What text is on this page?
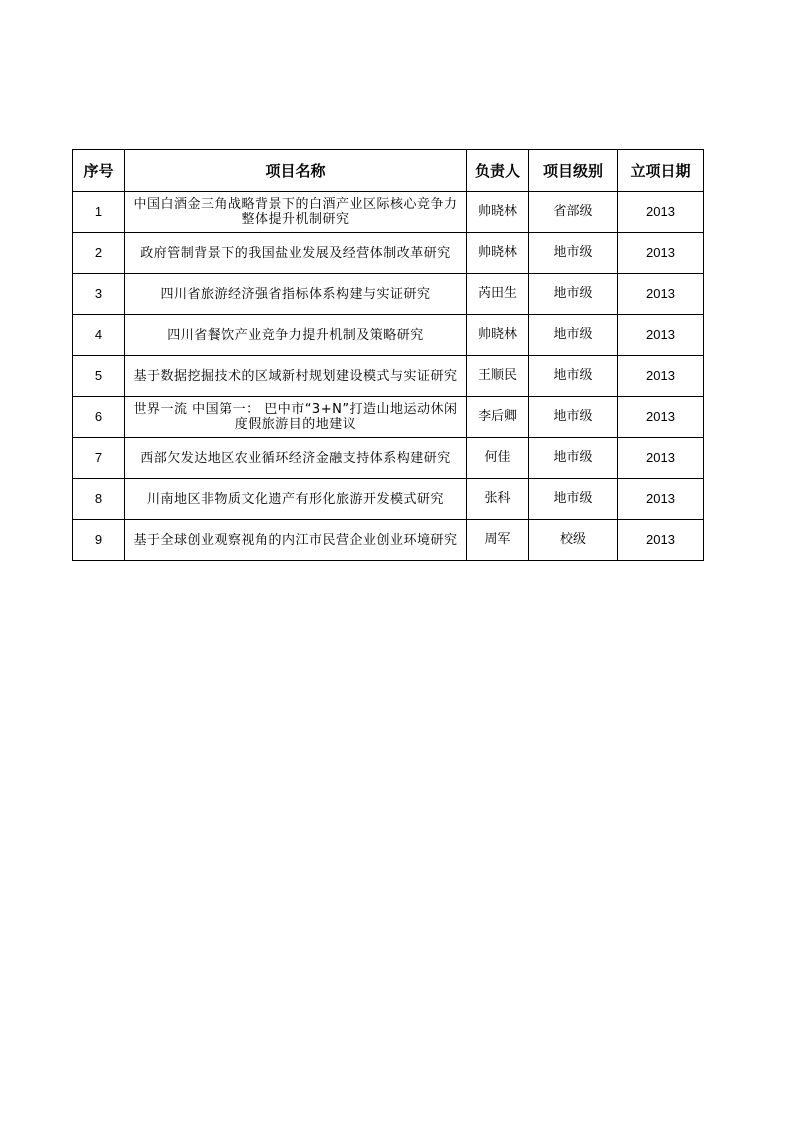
序号	项目名称	负责人	项目级别	立项日期
1	中国白酒金三角战略背景下的白酒产业区际核心竞争力整体提升机制研究	帅晓林	省部级	2013
2	政府管制背景下的我国盐业发展及经营体制改革研究	帅晓林	地市级	2013
3	四川省旅游经济强省指标体系构建与实证研究	芮田生	地市级	2013
4	四川省餐饮产业竞争力提升机制及策略研究	帅晓林	地市级	2013
5	基于数据挖掘技术的区域新村规划建设模式与实证研究	王顺民	地市级	2013
6	世界一流 中国第一： 巴中市“3+N”打造山地运动休闲度假旅游目的地建议	李后卿	地市级	2013
7	西部欠发达地区农业循环经济金融支持体系构建研究	何佳	地市级	2013
8	川南地区非物质文化遗产有形化旅游开发模式研究	张科	地市级	2013
9	基于全球创业观察视角的内江市民营企业创业环境研究	周军	校级	2013
